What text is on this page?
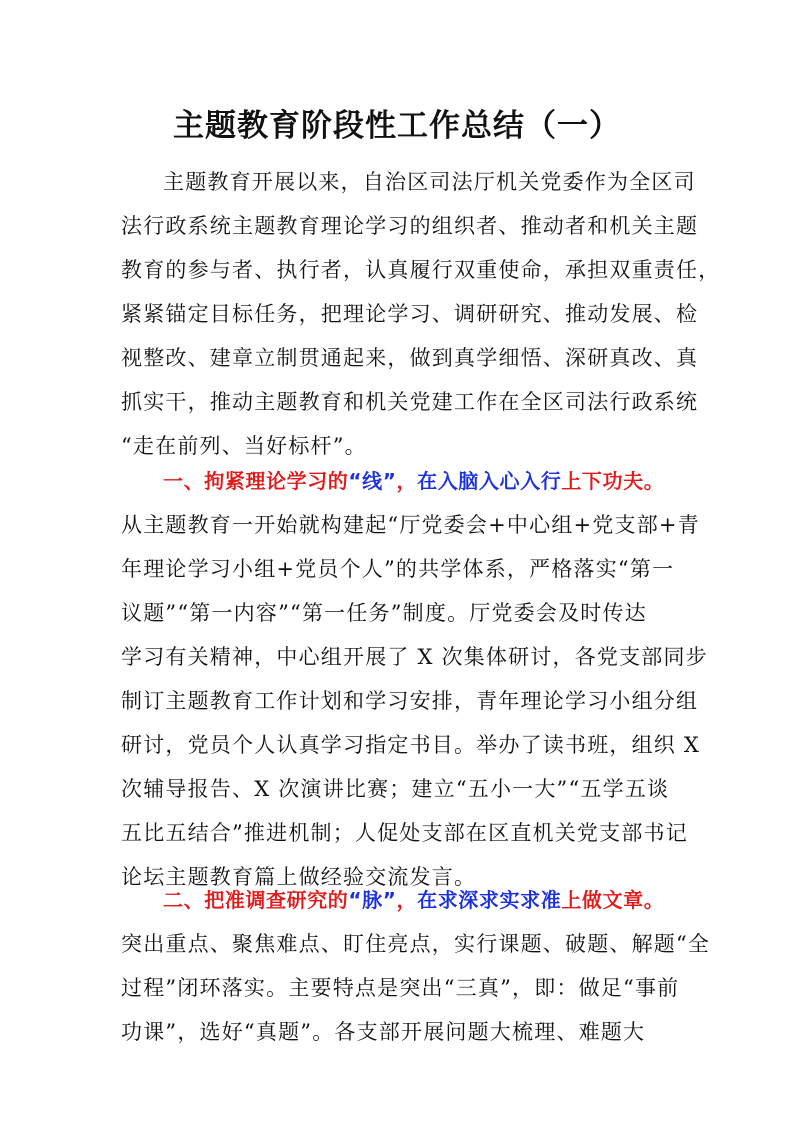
主题教育阶段性工作总结（一）
主题教育开展以来，自治区司法厅机关党委作为全区司
法行政系统主题教育理论学习的组织者、推动者和机关主题
教育的参与者、执行者，认真履行双重使命，承担双重责任，
紧紧锚定目标任务，把理论学习、调研研究、推动发展、检
视整改、建章立制贯通起来，做到真学细悟、深研真改、真
抓实干，推动主题教育和机关党建工作在全区司法行政系统
“走在前列、当好标杆”。
一、拘紧理论学习的“线”，在入脑入心入行上下功夫。
从主题教育一开始就构建起“厅党委会+中心组+党支部+青
年理论学习小组+党员个人”的共学体系，严格落实“第一
议题”“第一内容”“第一任务”制度。厅党委会及时传达
学习有关精神，中心组开展了 X 次集体研讨，各党支部同步
制订主题教育工作计划和学习安排，青年理论学习小组分组
研讨，党员个人认真学习指定书目。举办了读书班，组织 X
次辅导报告、X 次演讲比赛；建立“五小一大”“五学五谈
五比五结合”推进机制；人促处支部在区直机关党支部书记
论坛主题教育篇上做经验交流发言。
二、把准调查研究的“脉”，在求深求实求准上做文章。
突出重点、聚焦难点、盯住亮点，实行课题、破题、解题“全
过程”闭环落实。主要特点是突出“三真”，即：做足“事前
功课”，选好“真题”。各支部开展问题大梳理、难题大
